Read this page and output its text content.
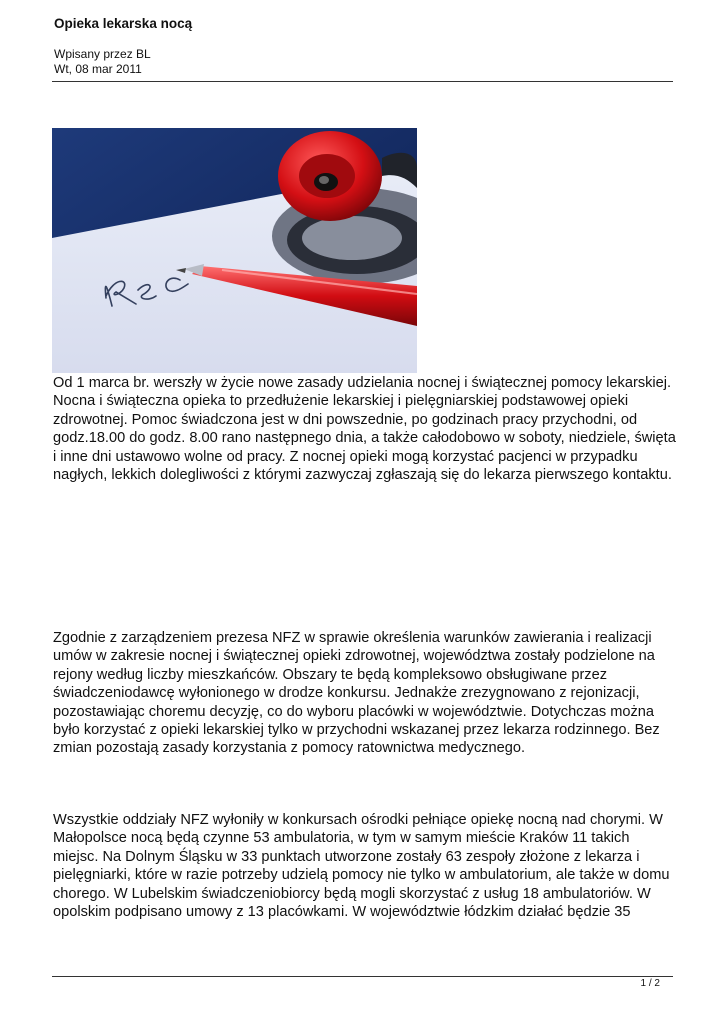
Opieka lekarska nocą
Wpisany przez BL
Wt, 08 mar 2011

Od 1 marca br. werszły w życie nowe zasady udzielania nocnej i świątecznej pomocy lekarskiej. Nocna i świąteczna opieka to przedłużenie lekarskiej i pielęgniarskiej podstawowej opieki zdrowotnej. Pomoc świadczona jest w dni powszednie, po godzinach pracy przychodni, od godz.18.00 do godz. 8.00 rano następnego dnia, a także całodobowo w soboty, niedziele, święta i inne dni ustawowo wolne od pracy. Z nocnej opieki mogą korzystać pacjenci w przypadku nagłych, lekkich dolegliwości z którymi zazwyczaj zgłaszają się do lekarza pierwszego kontaktu.

Zgodnie z zarządzeniem prezesa NFZ w sprawie określenia warunków zawierania i realizacji umów w zakresie nocnej i świątecznej opieki zdrowotnej, województwa zostały podzielone na rejony według liczby mieszkańców. Obszary te będą kompleksowo obsługiwane przez świadczeniodawcę wyłonionego w drodze konkursu. Jednakże zrezygnowano z rejonizacji, pozostawiając choremu decyzję, co do wyboru placówki w województwie. Dotychczas można było korzystać z opieki lekarskiej tylko w przychodni wskazanej przez lekarza rodzinnego. Bez zmian pozostają zasady korzystania z pomocy ratownictwa medycznego.

Wszystkie oddziały NFZ wyłoniły w konkursach ośrodki pełniące opiekę nocną nad chorymi. W Małopolsce nocą będą czynne 53 ambulatoria, w tym w samym mieście Kraków 11 takich miejsc. Na Dolnym Śląsku w 33 punktach utworzone zostały 63 zespoły złożone z lekarza i pielęgniarki, które w razie potrzeby udzielą pomocy nie tylko w ambulatorium, ale także w domu chorego. W Lubelskim świadczeniobiorcy będą mogli skorzystać z usług 18 ambulatoriów. W opolskim podpisano umowy z 13 placówkami. W województwie łódzkim działać będzie 35

1 / 2
